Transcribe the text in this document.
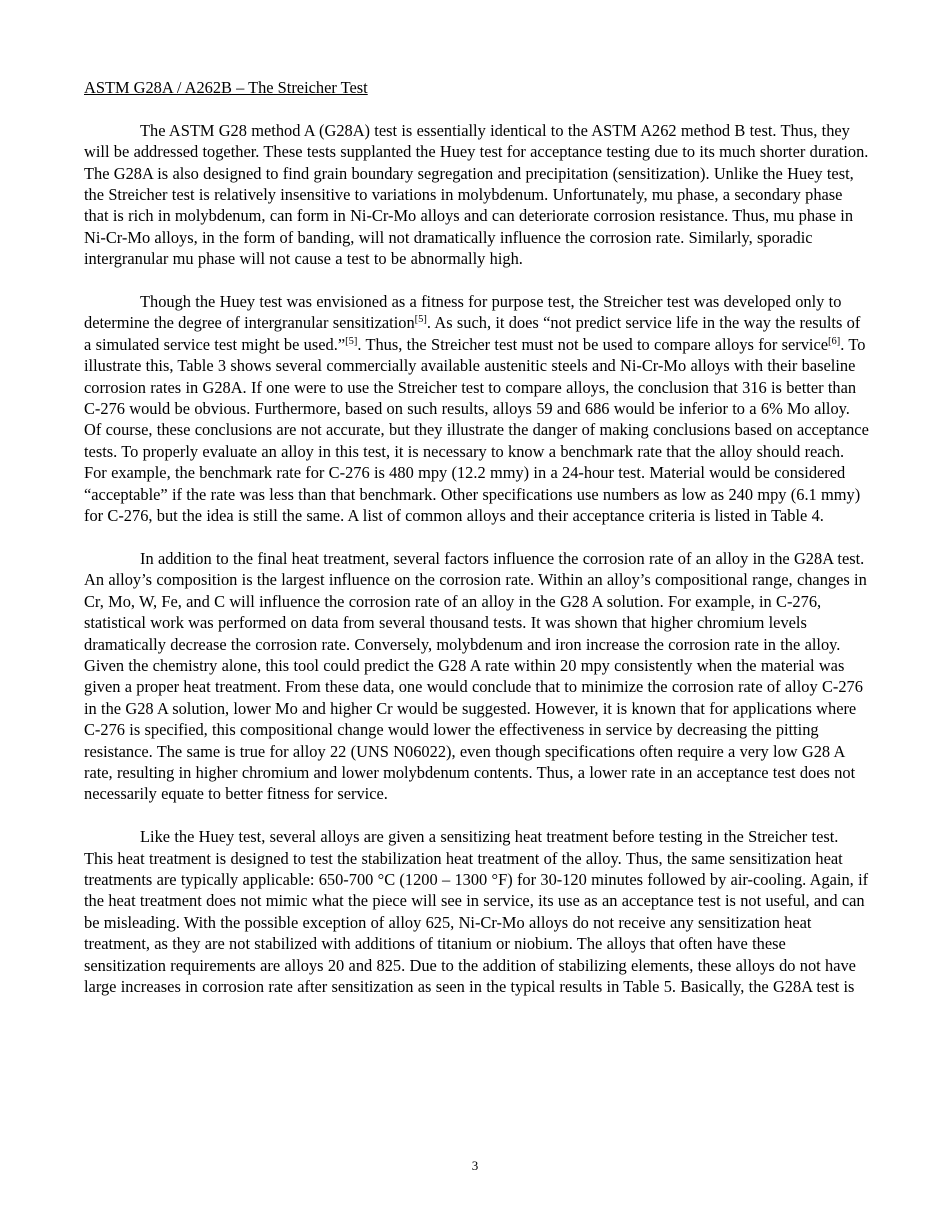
ASTM G28A / A262B – The Streicher Test

The ASTM G28 method A (G28A) test is essentially identical to the ASTM A262 method B test. Thus, they will be addressed together. These tests supplanted the Huey test for acceptance testing due to its much shorter duration. The G28A is also designed to find grain boundary segregation and precipitation (sensitization). Unlike the Huey test, the Streicher test is relatively insensitive to variations in molybdenum. Unfortunately, mu phase, a secondary phase that is rich in molybdenum, can form in Ni-Cr-Mo alloys and can deteriorate corrosion resistance. Thus, mu phase in Ni-Cr-Mo alloys, in the form of banding, will not dramatically influence the corrosion rate. Similarly, sporadic intergranular mu phase will not cause a test to be abnormally high.

Though the Huey test was envisioned as a fitness for purpose test, the Streicher test was developed only to determine the degree of intergranular sensitization[5]. As such, it does “not predict service life in the way the results of a simulated service test might be used.”[5]. Thus, the Streicher test must not be used to compare alloys for service[6]. To illustrate this, Table 3 shows several commercially available austenitic steels and Ni-Cr-Mo alloys with their baseline corrosion rates in G28A. If one were to use the Streicher test to compare alloys, the conclusion that 316 is better than C-276 would be obvious. Furthermore, based on such results, alloys 59 and 686 would be inferior to a 6% Mo alloy. Of course, these conclusions are not accurate, but they illustrate the danger of making conclusions based on acceptance tests. To properly evaluate an alloy in this test, it is necessary to know a benchmark rate that the alloy should reach. For example, the benchmark rate for C-276 is 480 mpy (12.2 mmy) in a 24-hour test. Material would be considered “acceptable” if the rate was less than that benchmark. Other specifications use numbers as low as 240 mpy (6.1 mmy) for C-276, but the idea is still the same. A list of common alloys and their acceptance criteria is listed in Table 4.

In addition to the final heat treatment, several factors influence the corrosion rate of an alloy in the G28A test. An alloy’s composition is the largest influence on the corrosion rate. Within an alloy’s compositional range, changes in Cr, Mo, W, Fe, and C will influence the corrosion rate of an alloy in the G28 A solution. For example, in C-276, statistical work was performed on data from several thousand tests. It was shown that higher chromium levels dramatically decrease the corrosion rate. Conversely, molybdenum and iron increase the corrosion rate in the alloy. Given the chemistry alone, this tool could predict the G28 A rate within 20 mpy consistently when the material was given a proper heat treatment. From these data, one would conclude that to minimize the corrosion rate of alloy C-276 in the G28 A solution, lower Mo and higher Cr would be suggested. However, it is known that for applications where C-276 is specified, this compositional change would lower the effectiveness in service by decreasing the pitting resistance. The same is true for alloy 22 (UNS N06022), even though specifications often require a very low G28 A rate, resulting in higher chromium and lower molybdenum contents. Thus, a lower rate in an acceptance test does not necessarily equate to better fitness for service.

Like the Huey test, several alloys are given a sensitizing heat treatment before testing in the Streicher test. This heat treatment is designed to test the stabilization heat treatment of the alloy. Thus, the same sensitization heat treatments are typically applicable: 650-700 °C (1200 – 1300 °F) for 30-120 minutes followed by air-cooling. Again, if the heat treatment does not mimic what the piece will see in service, its use as an acceptance test is not useful, and can be misleading. With the possible exception of alloy 625, Ni-Cr-Mo alloys do not receive any sensitization heat treatment, as they are not stabilized with additions of titanium or niobium. The alloys that often have these sensitization requirements are alloys 20 and 825. Due to the addition of stabilizing elements, these alloys do not have large increases in corrosion rate after sensitization as seen in the typical results in Table 5. Basically, the G28A test is

3
